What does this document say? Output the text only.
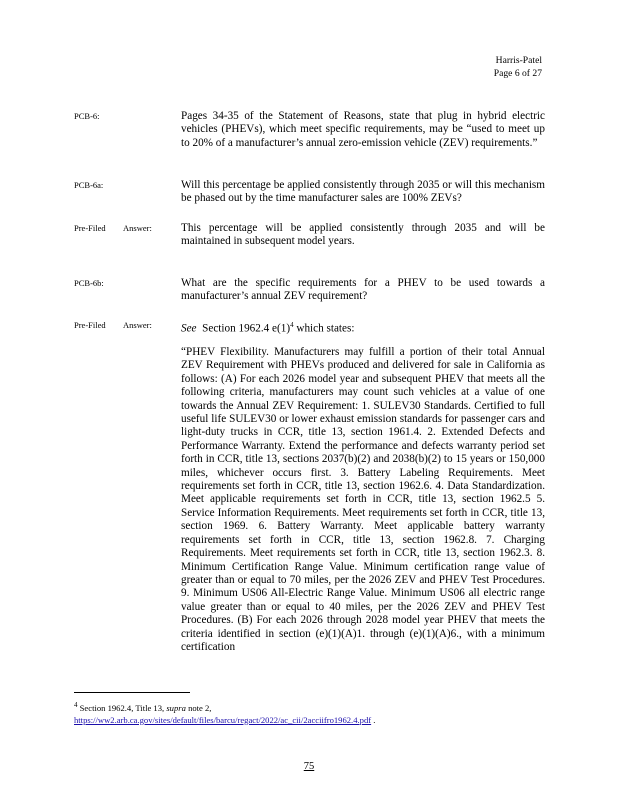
Harris-Patel
Page 6 of 27
PCB-6:	Pages 34-35 of the Statement of Reasons, state that plug in hybrid electric vehicles (PHEVs), which meet specific requirements, may be “used to meet up to 20% of a manufacturer’s annual zero-emission vehicle (ZEV) requirements.”
PCB-6a:	Will this percentage be applied consistently through 2035 or will this mechanism be phased out by the time manufacturer sales are 100% ZEVs?
Pre-Filed Answer:	This percentage will be applied consistently through 2035 and will be maintained in subsequent model years.
PCB-6b:	What are the specific requirements for a PHEV to be used towards a manufacturer’s annual ZEV requirement?
Pre-Filed Answer:	See Section 1962.4 $e(1)^4$ which states:
“PHEV Flexibility. Manufacturers may fulfill a portion of their total Annual ZEV Requirement with PHEVs produced and delivered for sale in California as follows: (A) For each 2026 model year and subsequent PHEV that meets all the following criteria, manufacturers may count such vehicles at a value of one towards the Annual ZEV Requirement: 1. SULEV30 Standards. Certified to full useful life SULEV30 or lower exhaust emission standards for passenger cars and light-duty trucks in CCR, title 13, section 1961.4. 2. Extended Defects and Performance Warranty. Extend the performance and defects warranty period set forth in CCR, title 13, sections 2037(b)(2) and 2038(b)(2) to 15 years or 150,000 miles, whichever occurs first. 3. Battery Labeling Requirements. Meet requirements set forth in CCR, title 13, section 1962.6. 4. Data Standardization. Meet applicable requirements set forth in CCR, title 13, section 1962.5 5. Service Information Requirements. Meet requirements set forth in CCR, title 13, section 1969. 6. Battery Warranty. Meet applicable battery warranty requirements set forth in CCR, title 13, section 1962.8. 7. Charging Requirements. Meet requirements set forth in CCR, title 13, section 1962.3. 8. Minimum Certification Range Value. Minimum certification range value of greater than or equal to 70 miles, per the 2026 ZEV and PHEV Test Procedures. 9. Minimum US06 All-Electric Range Value. Minimum US06 all electric range value greater than or equal to 40 miles, per the 2026 ZEV and PHEV Test Procedures. (B) For each 2026 through 2028 model year PHEV that meets the criteria identified in section (e)(1)(A)1. through (e)(1)(A)6., with a minimum certification
$^4$ Section 1962.4, Title 13, supra note 2,
https://ww2.arb.ca.gov/sites/default/files/barcu/regact/2022/ac_cii/2acciifro1962.4.pdf .
75
